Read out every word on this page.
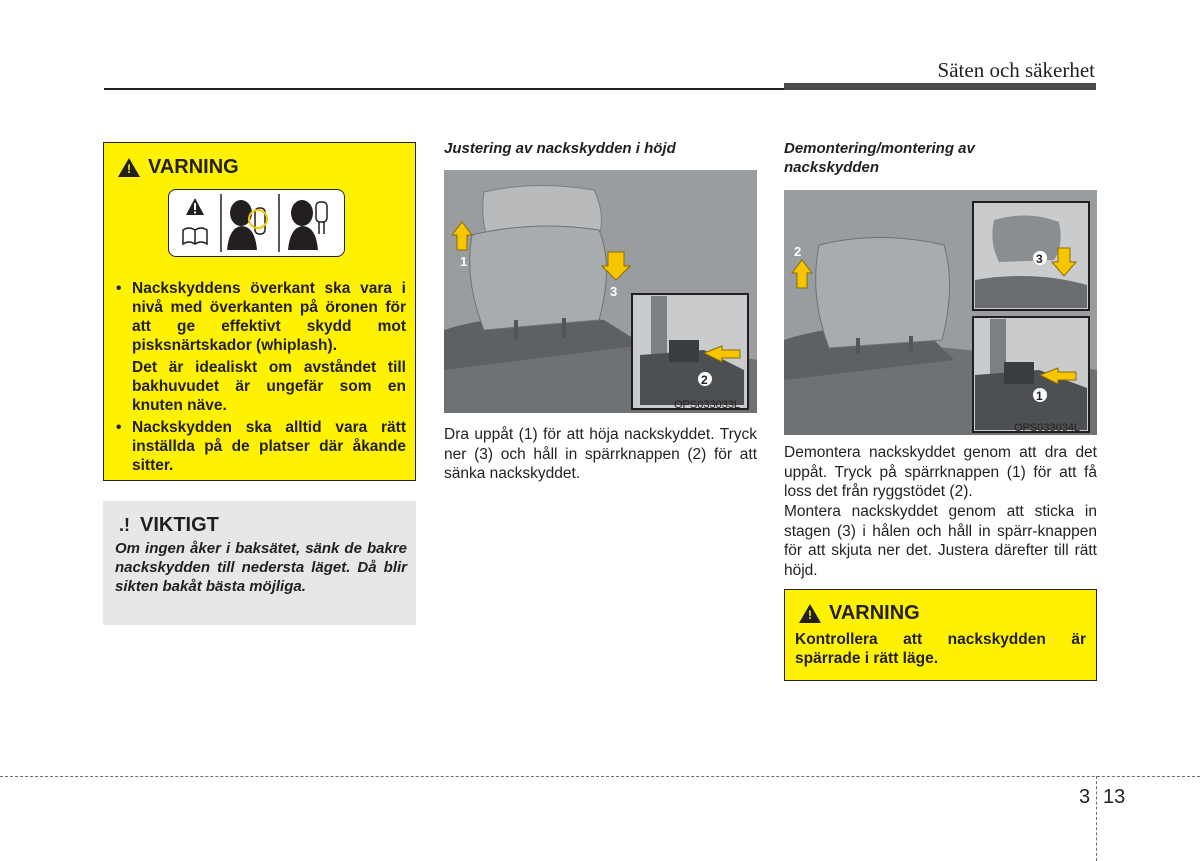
Säten och säkerhet
!
VARNING
• Nackskyddens överkant ska vara i nivå med överkanten på öronen för att ge effektivt skydd mot pisksnärtskador (whiplash).
Det är idealiskt om avståndet till bakhuvudet är ungefär som en knuten näve.
• Nackskydden ska alltid vara rätt inställda på de platser där åkande sitter.
.! VIKTIGT
Om ingen åker i baksätet, sänk de bakre nackskydden till nedersta läget. Då blir sikten bakåt bästa möjliga.
Justering av nackskydden i höjd
1
3
2
OPS033033L
Dra uppåt (1) för att höja nackskyddet. Tryck ner (3) och håll in spärrknappen (2) för att sänka nackskyddet.
Demontering/montering av nackskydden
2	3
1
OPS033034L
Demontera nackskyddet genom att dra det uppåt. Tryck på spärrknappen (1) för att få loss det från ryggstödet (2).
Montera nackskyddet genom att sticka in stagen (3) i hålen och håll in spärr-knappen för att skjuta ner det. Justera därefter till rätt höjd.
!
VARNING
Kontrollera att nackskydden är spärrade i rätt läge.
3 13
